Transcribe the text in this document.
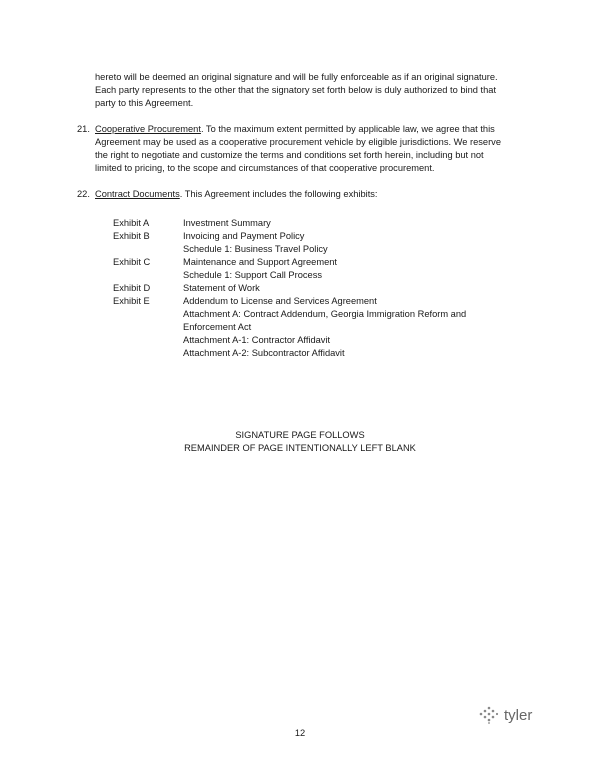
hereto will be deemed an original signature and will be fully enforceable as if an original signature.
Each party represents to the other that the signatory set forth below is duly authorized to bind that
party to this Agreement.
21. Cooperative Procurement. To the maximum extent permitted by applicable law, we agree that this
Agreement may be used as a cooperative procurement vehicle by eligible jurisdictions. We reserve
the right to negotiate and customize the terms and conditions set forth herein, including but not
limited to pricing, to the scope and circumstances of that cooperative procurement.
22. Contract Documents. This Agreement includes the following exhibits:
Exhibit A	Investment Summary
Exhibit B	Invoicing and Payment Policy
Schedule 1: Business Travel Policy
Exhibit C	Maintenance and Support Agreement
Schedule 1: Support Call Process
Exhibit D	Statement of Work
Exhibit E	Addendum to License and Services Agreement
Attachment A: Contract Addendum, Georgia Immigration Reform and
Enforcement Act
Attachment A-1: Contractor Affidavit
Attachment A-2: Subcontractor Affidavit
SIGNATURE PAGE FOLLOWS
REMAINDER OF PAGE INTENTIONALLY LEFT BLANK
tyler
12
